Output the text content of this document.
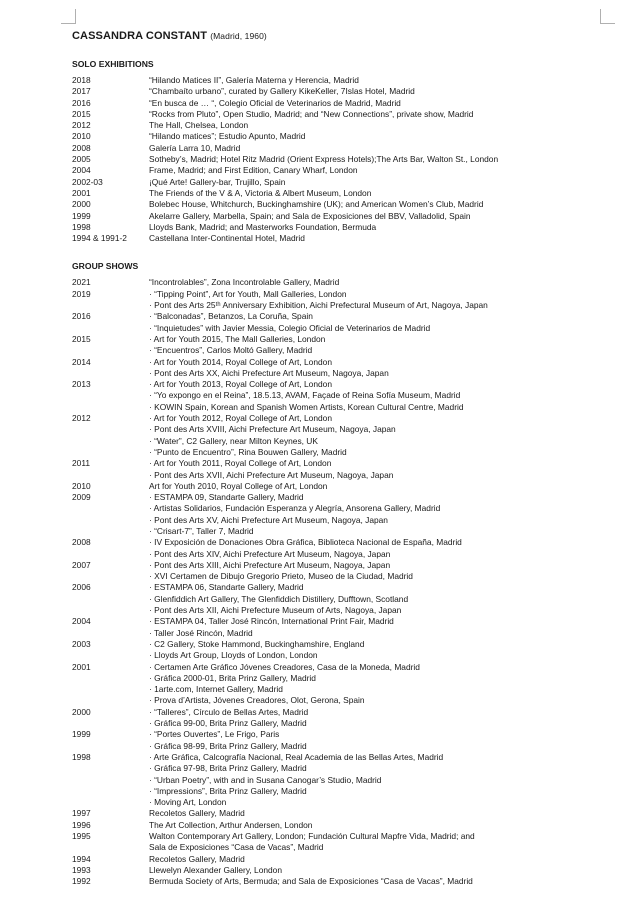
CASSANDRA CONSTANT (Madrid, 1960)
SOLO EXHIBITIONS
2018	“Hilando Matices II”, Galería Materna y Herencia, Madrid
2017	“Chambaíto urbano”, curated by Gallery KikeKeller, 7Islas Hotel, Madrid
2016	“En busca de … “, Colegio Oficial de Veterinarios de Madrid, Madrid
2015	“Rocks from Pluto”, Open Studio, Madrid; and “New Connections”, private show, Madrid
2012	The Hall, Chelsea, London
2010	“Hilando matices”; Estudio Apunto, Madrid
2008	Galería Larra 10, Madrid
2005	Sotheby’s, Madrid; Hotel Ritz Madrid (Orient Express Hotels);The Arts Bar, Walton St., London
2004	Frame, Madrid; and First Edition, Canary Wharf, London
2002-03	¡Qué Arte! Gallery-bar, Trujillo, Spain
2001	The Friends of the V & A, Victoria & Albert Museum, London
2000	Bolebec House, Whitchurch, Buckinghamshire (UK); and American Women’s Club, Madrid
1999	Akelarre Gallery, Marbella, Spain; and Sala de Exposiciones del BBV, Valladolid, Spain
1998	Lloyds Bank, Madrid; and Masterworks Foundation, Bermuda
1994 & 1991-2	Castellana Inter-Continental Hotel, Madrid
GROUP SHOWS
2021	“Incontrolables”, Zona Incontrolable Gallery, Madrid
2019	· “Tipping Point”, Art for Youth, Mall Galleries, London
· Pont des Arts 25ᵗʰ Anniversary Exhibition, Aichi Prefectural Museum of Art, Nagoya, Japan
2016	· “Balconadas”, Betanzos, La Coruña, Spain
· “Inquietudes” with Javier Messia, Colegio Oficial de Veterinarios de Madrid
2015	· Art for Youth 2015, The Mall Galleries, London
· “Encuentros”, Carlos Moltó Gallery, Madrid
2014	· Art for Youth 2014, Royal College of Art, London
· Pont des Arts XX, Aichi Prefecture Art Museum, Nagoya, Japan
2013	· Art for Youth 2013, Royal College of Art, London
· “Yo expongo en el Reina”, 18.5.13, AVAM, Façade of Reina Sofía Museum, Madrid
· KOWIN Spain, Korean and Spanish Women Artists, Korean Cultural Centre, Madrid
2012	· Art for Youth 2012, Royal College of Art, London
· Pont des Arts XVIII, Aichi Prefecture Art Museum, Nagoya, Japan
· “Water”, C2 Gallery, near Milton Keynes, UK
· “Punto de Encuentro”, Rina Bouwen Gallery, Madrid
2011	· Art for Youth 2011, Royal College of Art, London
· Pont des Arts XVII, Aichi Prefecture Art Museum, Nagoya, Japan
2010	Art for Youth 2010, Royal College of Art, London
2009	· ESTAMPA 09, Standarte Gallery, Madrid
· Artistas Solidarios, Fundación Esperanza y Alegría, Ansorena Gallery, Madrid
· Pont des Arts XV, Aichi Prefecture Art Museum, Nagoya, Japan
· “Crisart-7”, Taller 7, Madrid
2008	· IV Exposición de Donaciones Obra Gráfica, Biblioteca Nacional de España, Madrid
· Pont des Arts XIV, Aichi Prefecture Art Museum, Nagoya, Japan
2007	· Pont des Arts XIII, Aichi Prefecture Art Museum, Nagoya, Japan
· XVI Certamen de Dibujo Gregorio Prieto, Museo de la Ciudad, Madrid
2006	· ESTAMPA 06, Standarte Gallery, Madrid
· Glenfiddich Art Gallery, The Glenfiddich Distillery, Dufftown, Scotland
· Pont des Arts XII, Aichi Prefecture Museum of Arts, Nagoya, Japan
2004	· ESTAMPA 04, Taller José Rincón, International Print Fair, Madrid
· Taller José Rincón, Madrid
2003	· C2 Gallery, Stoke Hammond, Buckinghamshire, England
· Lloyds Art Group, Lloyds of London, London
2001	· Certamen Arte Gráfico Jóvenes Creadores, Casa de la Moneda, Madrid
· Gráfica 2000-01, Brita Prinz Gallery, Madrid
· 1arte.com, Internet Gallery, Madrid
· Prova d’Artista, Jóvenes Creadores, Olot, Gerona, Spain
2000	· “Talleres”, Círculo de Bellas Artes, Madrid
· Gráfica 99-00, Brita Prinz Gallery, Madrid
1999	· “Portes Ouvertes”, Le Frigo, Paris
· Gráfica 98-99, Brita Prinz Gallery, Madrid
1998	· Arte Gráfica, Calcografía Nacional, Real Academia de las Bellas Artes, Madrid
· Gráfica 97-98, Brita Prinz Gallery, Madrid
· “Urban Poetry”, with and in Susana Canogar’s Studio, Madrid
· “Impressions”, Brita Prinz Gallery, Madrid
· Moving Art, London
1997	Recoletos Gallery, Madrid
1996	The Art Collection, Arthur Andersen, London
1995	Walton Contemporary Art Gallery, London; Fundación Cultural Mapfre Vida, Madrid; and
Sala de Exposiciones “Casa de Vacas”, Madrid
1994	Recoletos Gallery, Madrid
1993	Llewelyn Alexander Gallery, London
1992	Bermuda Society of Arts, Bermuda; and Sala de Exposiciones “Casa de Vacas”, Madrid
